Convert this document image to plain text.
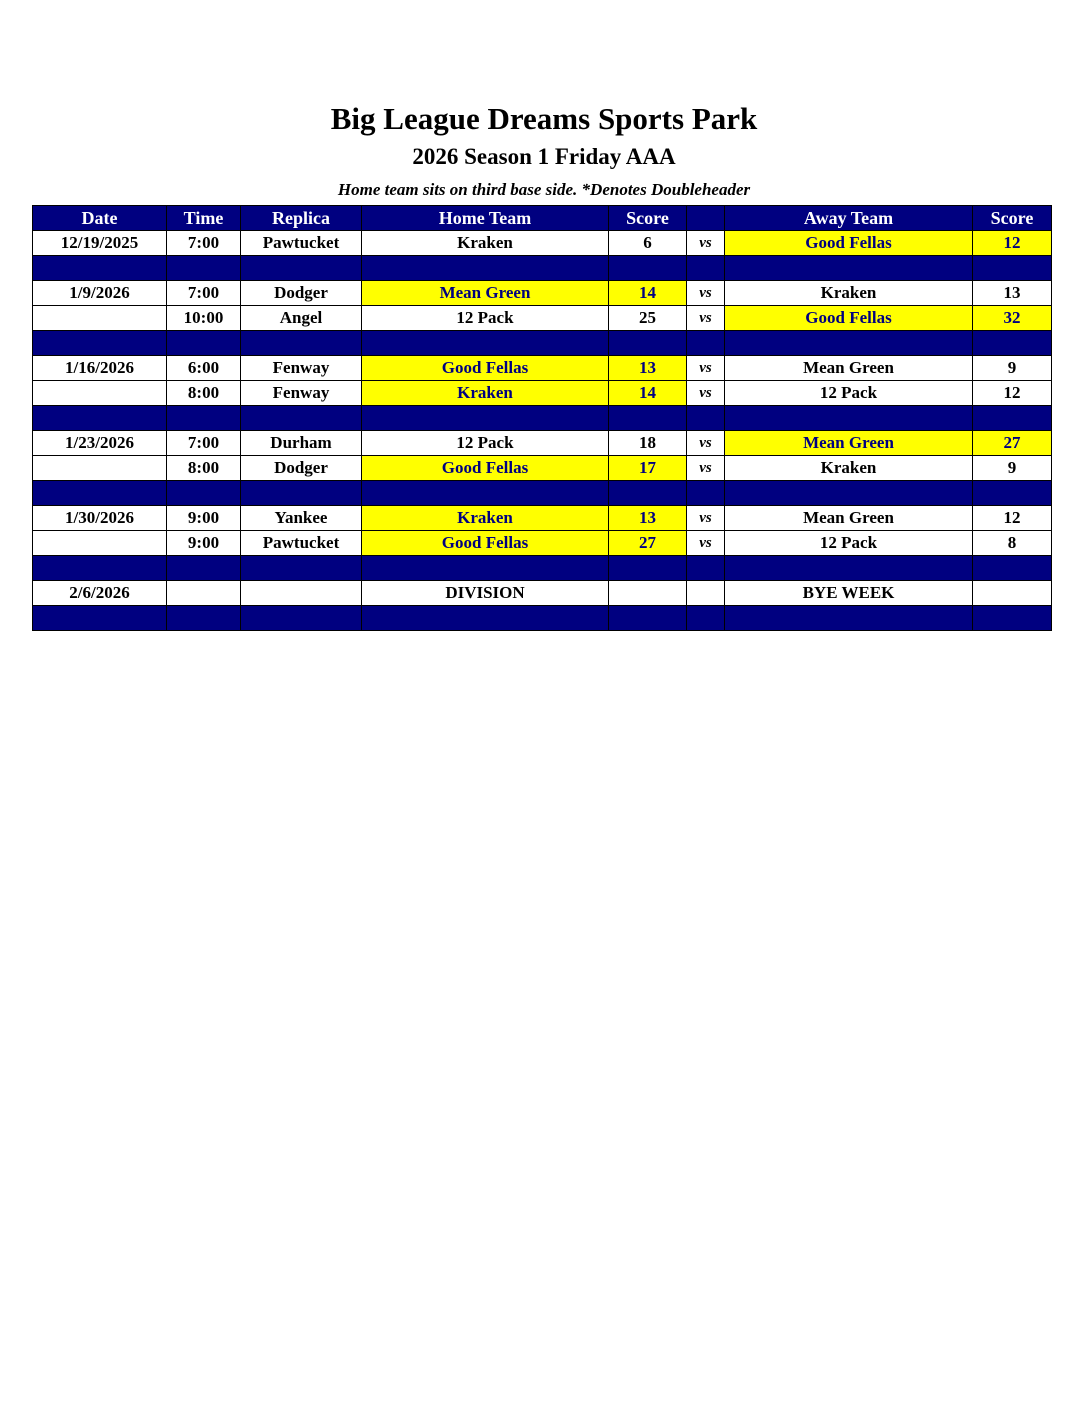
Big League Dreams Sports Park
2026 Season 1 Friday AAA
Home team sits on third base side. *Denotes Doubleheader
Date	Time	Replica	Home Team	Score		Away Team	Score
12/19/2025	7:00	Pawtucket	Kraken	6	vs	Good Fellas	12

1/9/2026	7:00	Dodger	Mean Green	14	vs	Kraken	13
	10:00	Angel	12 Pack	25	vs	Good Fellas	32

1/16/2026	6:00	Fenway	Good Fellas	13	vs	Mean Green	9
	8:00	Fenway	Kraken	14	vs	12 Pack	12

1/23/2026	7:00	Durham	12 Pack	18	vs	Mean Green	27
	8:00	Dodger	Good Fellas	17	vs	Kraken	9

1/30/2026	9:00	Yankee	Kraken	13	vs	Mean Green	12
	9:00	Pawtucket	Good Fellas	27	vs	12 Pack	8

2/6/2026			DIVISION			BYE WEEK	
